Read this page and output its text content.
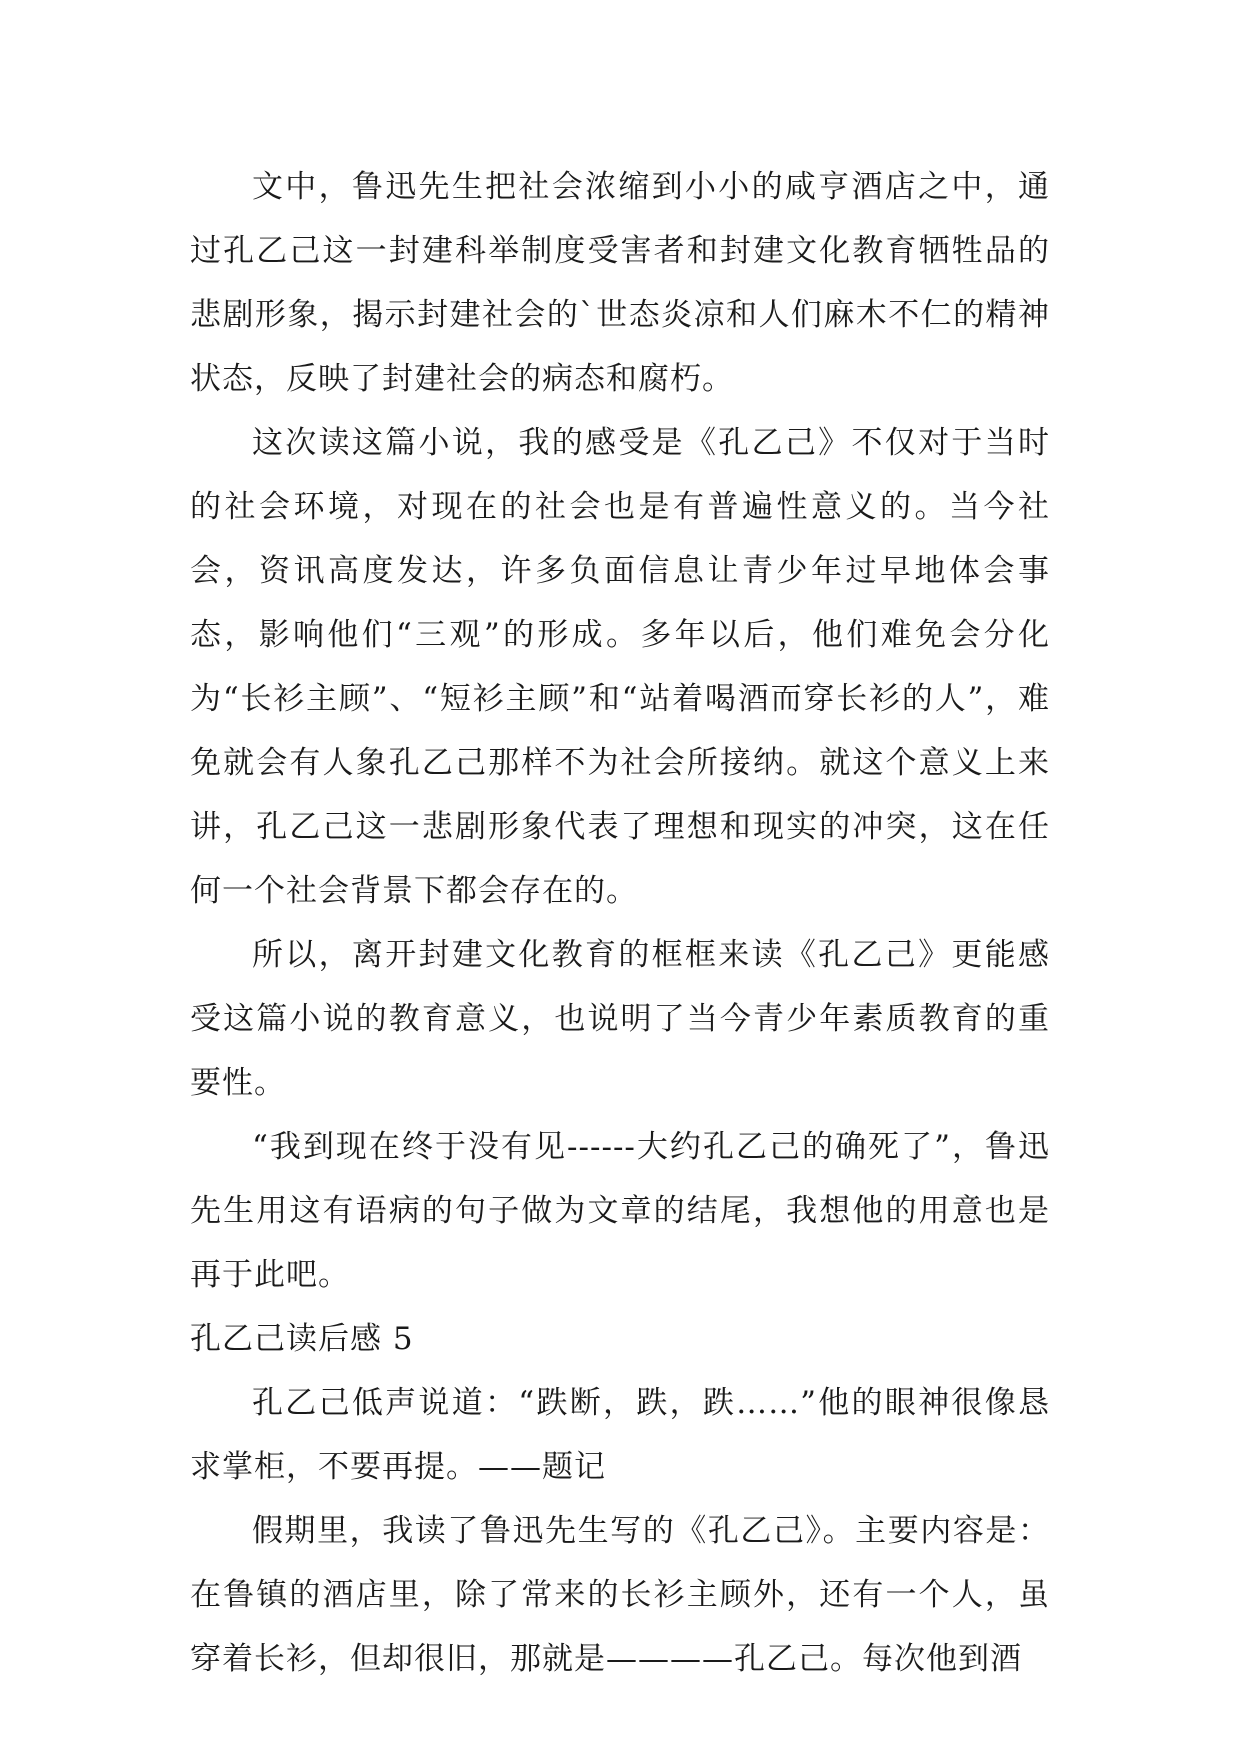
文中，鲁迅先生把社会浓缩到小小的咸亨酒店之中，通过孔乙己这一封建科举制度受害者和封建文化教育牺牲品的悲剧形象，揭示封建社会的`世态炎凉和人们麻木不仁的精神状态，反映了封建社会的病态和腐朽。

这次读这篇小说，我的感受是《孔乙己》不仅对于当时的社会环境，对现在的社会也是有普遍性意义的。当今社会，资讯高度发达，许多负面信息让青少年过早地体会事态，影响他们“三观”的形成。多年以后，他们难免会分化为“长衫主顾”、“短衫主顾”和“站着喝酒而穿长衫的人”，难免就会有人象孔乙己那样不为社会所接纳。就这个意义上来讲，孔乙己这一悲剧形象代表了理想和现实的冲突，这在任何一个社会背景下都会存在的。

所以，离开封建文化教育的框框来读《孔乙己》更能感受这篇小说的教育意义，也说明了当今青少年素质教育的重要性。

“我到现在终于没有见------大约孔乙己的确死了”，鲁迅先生用这有语病的句子做为文章的结尾，我想他的用意也是再于此吧。

孔乙己读后感 5

孔乙己低声说道：“跌断，跌，跌……”他的眼神很像恳求掌柜，不要再提。——题记

假期里，我读了鲁迅先生写的《孔乙己》。主要内容是：在鲁镇的酒店里，除了常来的长衫主顾外，还有一个人，虽穿着长衫，但却很旧，那就是————孔乙己。每次他到酒
